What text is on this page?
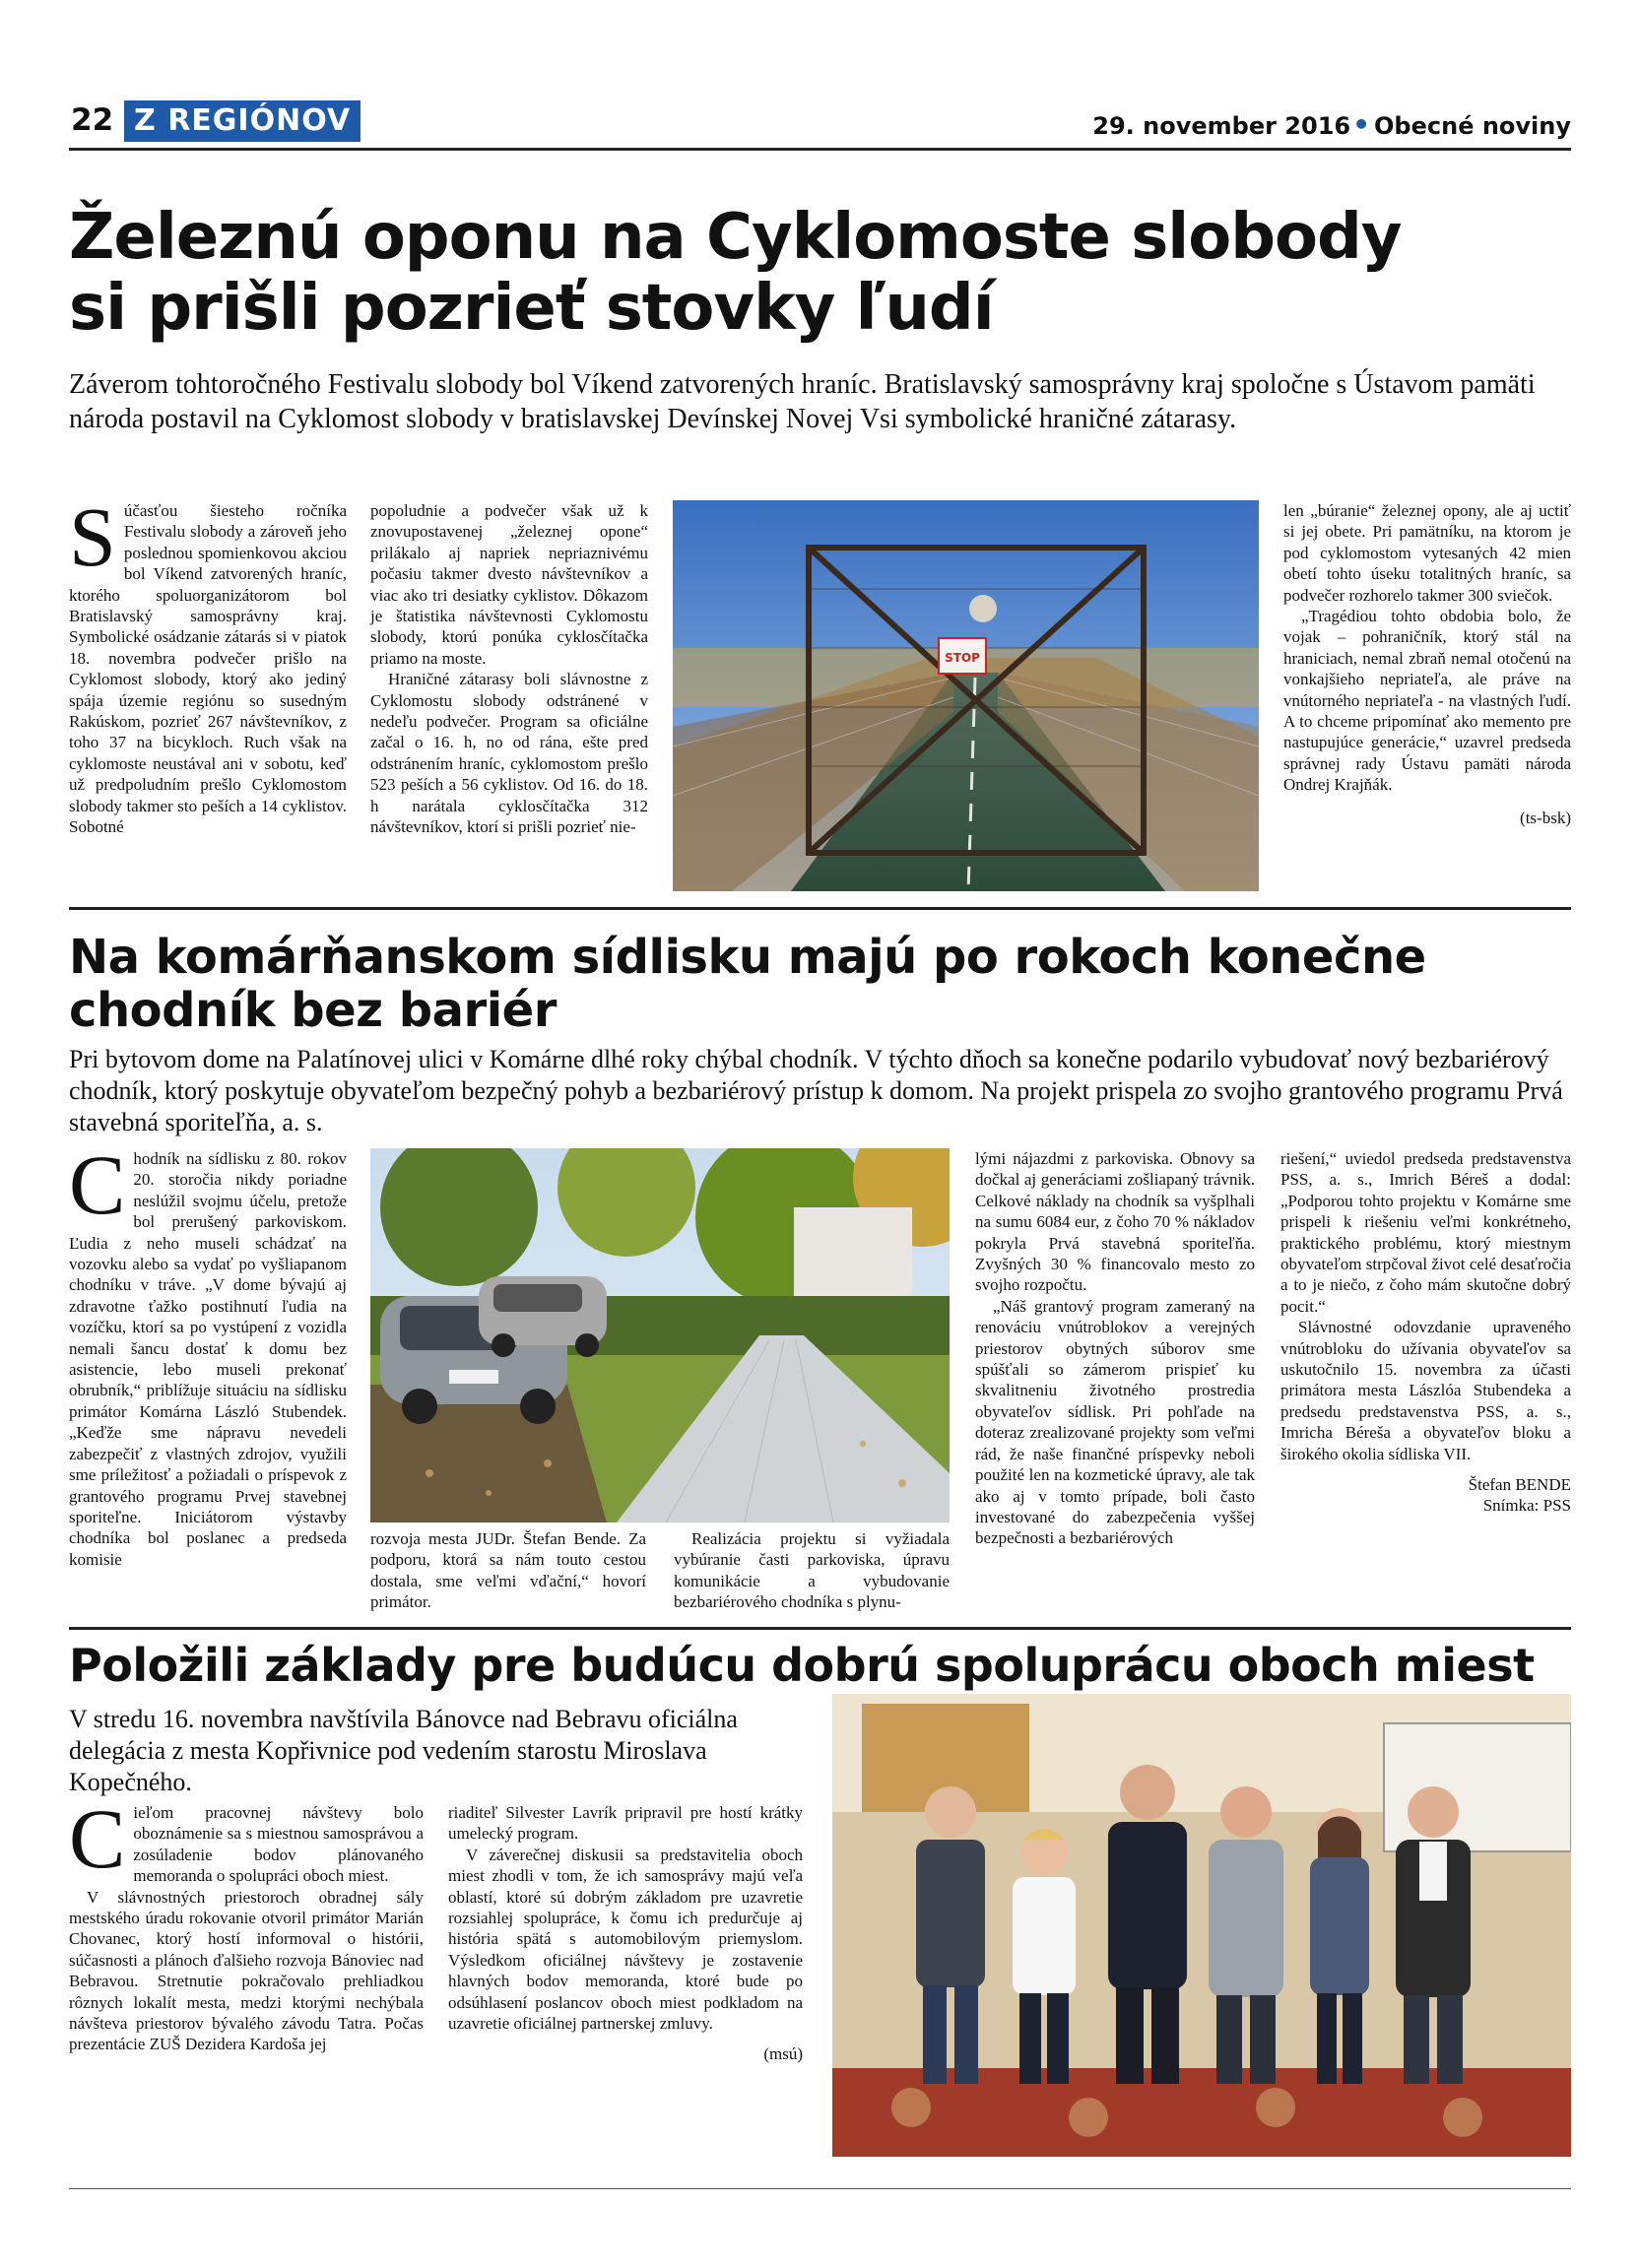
22 Z REGIÓNOV	29. november 2016• Obecné noviny
Železnú oponu na Cyklomoste slobody
si prišli pozrieť stovky ľudí

Záverom tohtoročného Festivalu slobody bol Víkend zatvorených hraníc. Bratislavský samosprávny kraj spoločne s Ústavom pamäti národa postavil na Cyklomost slobody v bratislavskej Devínskej Novej Vsi symbolické hraničné zátarasy.

Súčasťou šiesteho ročníka Festivalu slobody a zároveň jeho poslednou spomienkovou akciou bol Víkend zatvorených hraníc, ktorého spoluorganizátorom bol Bratislavský samosprávny kraj. Symbolické osádzanie zátarás si v piatok 18. novembra podvečer prišlo na Cyklomost slobody, ktorý ako jediný spája územie regiónu so susedným Rakúskom, pozrieť 267 návštevníkov, z toho 37 na bicykloch. Ruch však na cyklomoste neustával ani v sobotu, keď už predpoludním prešlo Cyklomostom slobody takmer sto peších a 14 cyklistov. Sobotné

popoludnie a podvečer však už k znovupostavenej „železnej opone“ prilákalo aj napriek nepriaznivému počasiu takmer dvesto návštevníkov a viac ako tri desiatky cyklistov. Dôkazom je štatistika návštevnosti Cyklomostu slobody, ktorú ponúka cyklosčítačka priamo na moste.

Hraničné zátarasy boli slávnostne z Cyklomostu slobody odstránené v nedeľu podvečer. Program sa oficiálne začal o 16. h, no od rána, ešte pred odstránením hraníc, cyklomostom prešlo 523 peších a 56 cyklistov. Od 16. do 18. h narátala cyklosčítačka 312 návštevníkov, ktorí si prišli pozrieť nie-

STOP

len „búranie“ železnej opony, ale aj uctiť si jej obete. Pri pamätníku, na ktorom je pod cyklomostom vytesaných 42 mien obetí tohto úseku totalitných hraníc, sa podvečer rozhorelo takmer 300 sviečok.

„Tragédiou tohto obdobia bolo, že vojak – pohraničník, ktorý stál na hraniciach, nemal zbraň nemal otočenú na vonkajšieho nepriateľa, ale práve na vnútorného nepriateľa - na vlastných ľudí. A to chceme pripomínať ako memento pre nastupujúce generácie,“ uzavrel predseda správnej rady Ústavu pamäti národa Ondrej Krajňák.

(ts-bsk)
Na komárňanskom sídlisku majú po rokoch konečne
chodník bez bariér

Pri bytovom dome na Palatínovej ulici v Komárne dlhé roky chýbal chodník. V týchto dňoch sa konečne podarilo vybudovať nový bezbariérový chodník, ktorý poskytuje obyvateľom bezpečný pohyb a bezbariérový prístup k domom. Na projekt prispela zo svojho grantového programu Prvá stavebná sporiteľňa, a. s.

Chodník na sídlisku z 80. rokov 20. storočia nikdy poriadne neslúžil svojmu účelu, pretože bol prerušený parkoviskom. Ľudia z neho museli schádzať na vozovku alebo sa vydať po vyšliapanom chodníku v tráve. „V dome bývajú aj zdravotne ťažko postihnutí ľudia na vozíčku, ktorí sa po vystúpení z vozidla nemali šancu dostať k domu bez asistencie, lebo museli prekonať obrubník,“ priblížuje situáciu na sídlisku primátor Komárna László Stubendek. „Keďže sme nápravu nevedeli zabezpečiť z vlastných zdrojov, využili sme príležitosť a požiadali o príspevok z grantového programu Prvej stavebnej sporiteľne. Iniciátorom výstavby chodníka bol poslanec a predseda komisie

rozvoja mesta JUDr. Štefan Bende. Za podporu, ktorá sa nám touto cestou dostala, sme veľmi vďační,“ hovorí primátor.

Realizácia projektu si vyžiadala vybúranie časti parkoviska, úpravu komunikácie a vybudovanie bezbariérového chodníka s plynu-

lými nájazdmi z parkoviska. Obnovy sa dočkal aj generáciami zošliapaný trávnik. Celkové náklady na chodník sa vyšplhali na sumu 6084 eur, z čoho 70 % nákladov pokryla Prvá stavebná sporiteľňa. Zvyšných 30 % financovalo mesto zo svojho rozpočtu.

„Náš grantový program zameraný na renováciu vnútroblokov a verejných priestorov obytných súborov sme spúšťali so zámerom prispieť ku skvalitneniu životného prostredia obyvateľov sídlisk. Pri pohľade na doteraz zrealizované projekty som veľmi rád, že naše finančné príspevky neboli použité len na kozmetické úpravy, ale tak ako aj v tomto prípade, boli často investované do zabezpečenia vyššej bezpečnosti a bezbariérových

riešení,“ uviedol predseda predstavenstva PSS, a. s., Imrich Béreš a dodal: „Podporou tohto projektu v Komárne sme prispeli k riešeniu veľmi konkrétneho, praktického problému, ktorý miestnym obyvateľom strpčoval život celé desaťročia a to je niečo, z čoho mám skutočne dobrý pocit.“

Slávnostné odovzdanie upraveného vnútrobloku do užívania obyvateľov sa uskutočnilo 15. novembra za účasti primátora mesta Lászlóa Stubendeka a predsedu predstavenstva PSS, a. s., Imricha Béreša a obyvateľov bloku a širokého okolia sídliska VII.

Štefan BENDE
Snímka: PSS
Položili základy pre budúcu dobrú spoluprácu oboch miest

V stredu 16. novembra navštívila Bánovce nad Bebravu oficiálna delegácia z mesta Kopřivnice pod vedením starostu Miroslava Kopečného.

Cieľom pracovnej návštevy bolo oboznámenie sa s miestnou samosprávou a zosúladenie bodov plánovaného memoranda o spolupráci oboch miest.

V slávnostných priestoroch obradnej sály mestského úradu rokovanie otvoril primátor Marián Chovanec, ktorý hostí informoval o histórii, súčasnosti a plánoch ďalšieho rozvoja Bánoviec nad Bebravou. Stretnutie pokračovalo prehliadkou rôznych lokalít mesta, medzi ktorými nechýbala návšteva priestorov bývalého závodu Tatra. Počas prezentácie ZUŠ Dezidera Kardoša jej

riaditeľ Silvester Lavrík pripravil pre hostí krátky umelecký program.

V záverečnej diskusii sa predstavitelia oboch miest zhodli v tom, že ich samosprávy majú veľa oblastí, ktoré sú dobrým základom pre uzavretie rozsiahlej spolupráce, k čomu ich predurčuje aj história spätá s automobilovým priemyslom. Výsledkom oficiálnej návštevy je zostavenie hlavných bodov memoranda, ktoré bude po odsúhlasení poslancov oboch miest podkladom na uzavretie oficiálnej partnerskej zmluvy.

(msú)
